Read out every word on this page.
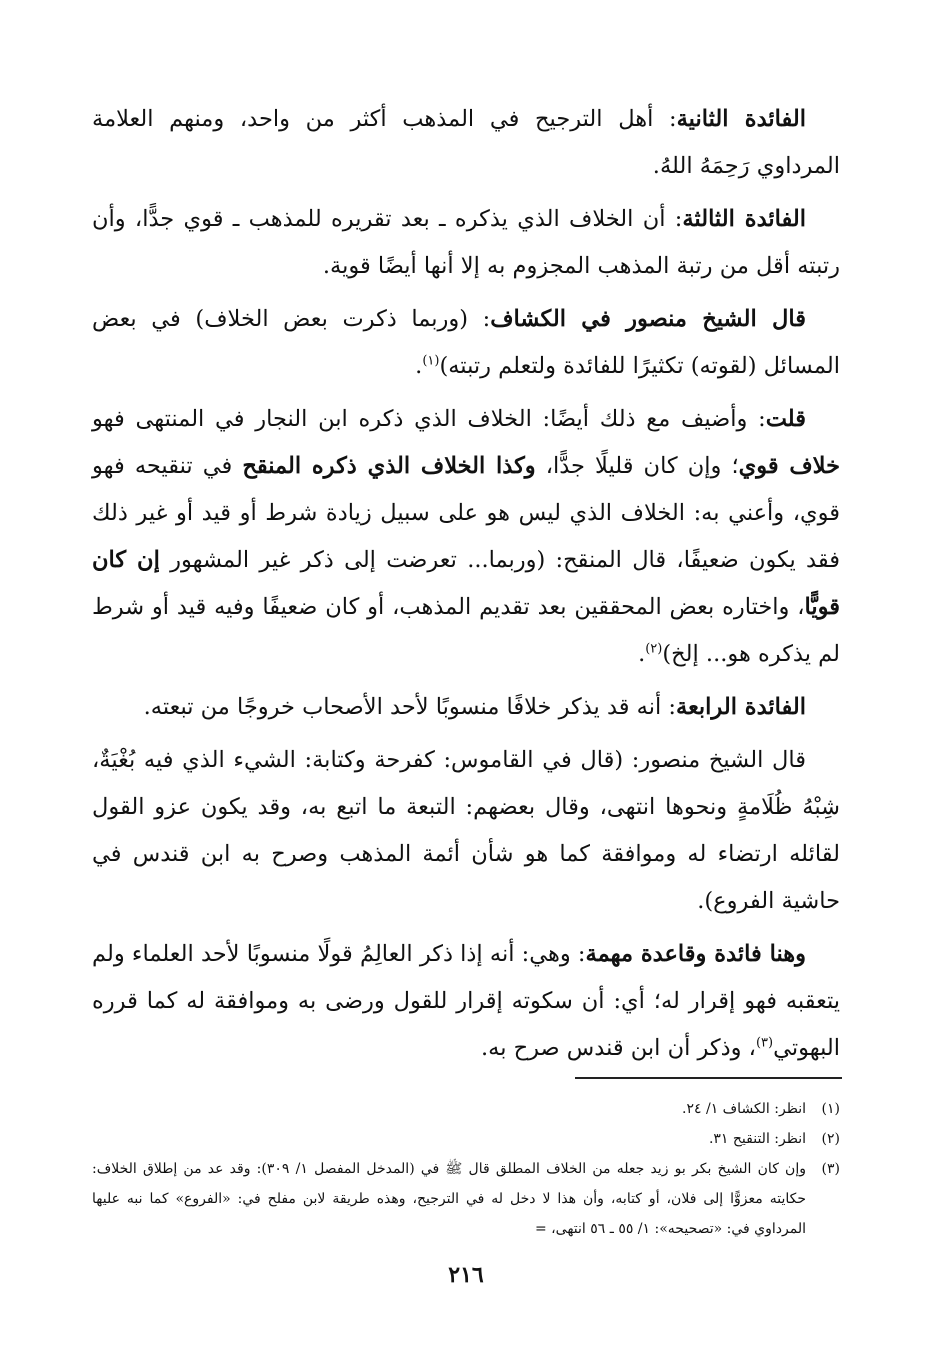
الفائدة الثانية: أهل الترجيح في المذهب أكثر من واحد، ومنهم العلامة المرداوي رَحِمَهُ اللهُ.

الفائدة الثالثة: أن الخلاف الذي يذكره ـ بعد تقريره للمذهب ـ قوي جدًّا، وأن رتبته أقل من رتبة المذهب المجزوم به إلا أنها أيضًا قوية.

قال الشيخ منصور في الكشاف: (وربما ذكرت بعض الخلاف) في بعض المسائل (لقوته) تكثيرًا للفائدة ولتعلم رتبته)$^{(١)}$.

قلت: وأضيف مع ذلك أيضًا: الخلاف الذي ذكره ابن النجار في المنتهى فهو خلاف قوي؛ وإن كان قليلًا جدًّا، وكذا الخلاف الذي ذكره المنقح في تنقيحه فهو قوي، وأعني به: الخلاف الذي ليس هو على سبيل زيادة شرط أو قيد أو غير ذلك فقد يكون ضعيفًا، قال المنقح: (وربما... تعرضت إلى ذكر غير المشهور إن كان قويًّا، واختاره بعض المحققين بعد تقديم المذهب، أو كان ضعيفًا وفيه قيد أو شرط لم يذكره هو... إلخ)$^{(٢)}$.

الفائدة الرابعة: أنه قد يذكر خلافًا منسوبًا لأحد الأصحاب خروجًا من تبعته.

قال الشيخ منصور: (قال في القاموس: كفرحة وكتابة: الشيء الذي فيه بُغْيَةٌ، شِبْهُ ظُلَامةٍ ونحوها انتهى، وقال بعضهم: التبعة ما اتبع به، وقد يكون عزو القول لقائله ارتضاء له وموافقة كما هو شأن أئمة المذهب وصرح به ابن قندس في حاشية الفروع).

وهنا فائدة وقاعدة مهمة: وهي: أنه إذا ذكر العالِمُ قولًا منسوبًا لأحد العلماء ولم يتعقبه فهو إقرار له؛ أي: أن سكوته إقرار للقول ورضى به وموافقة له كما قرره البهوتي$^{(٣)}$، وذكر أن ابن قندس صرح به.

(١)
انظر: الكشاف ١/ ٢٤.
(٢)
انظر: التنقيح ٣١.
(٣)
وإن كان الشيخ بكر بو زيد جعله من الخلاف المطلق قال ﷺ في (المدخل المفصل ١/ ٣٠٩): وقد عد من إطلاق الخلاف: حكايته معزوًّا إلى فلان، أو كتابه، وأن هذا لا دخل له في الترجيح، وهذه طريقة لابن مفلح في: «الفروع» كما نبه عليها المرداوي في: «تصحيحه»: ١/ ٥٥ ـ ٥٦ انتهى، =
٢١٦
